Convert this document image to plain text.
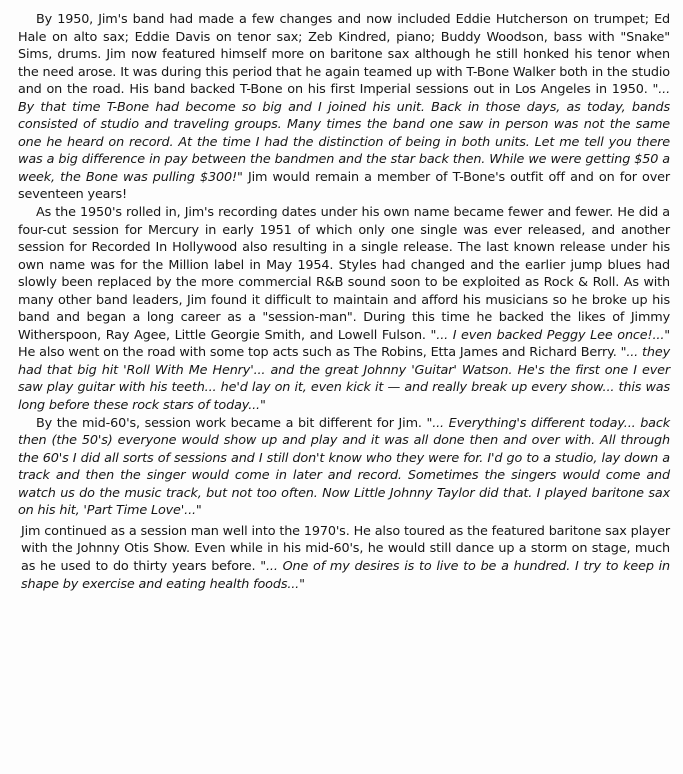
By 1950, Jim's band had made a few changes and now included Eddie Hutcherson on trumpet; Ed Hale on alto sax; Eddie Davis on tenor sax; Zeb Kindred, piano; Buddy Woodson, bass with "Snake" Sims, drums. Jim now featured himself more on baritone sax although he still honked his tenor when the need arose. It was during this period that he again teamed up with T-Bone Walker both in the studio and on the road. His band backed T-Bone on his first Imperial sessions out in Los Angeles in 1950. "... By that time T-Bone had become so big and I joined his unit. Back in those days, as today, bands consisted of studio and traveling groups. Many times the band one saw in person was not the same one he heard on record. At the time I had the distinction of being in both units. Let me tell you there was a big difference in pay between the bandmen and the star back then. While we were getting $50 a week, the Bone was pulling $300!" Jim would remain a member of T-Bone's outfit off and on for over seventeen years!

As the 1950's rolled in, Jim's recording dates under his own name became fewer and fewer. He did a four-cut session for Mercury in early 1951 of which only one single was ever released, and another session for Recorded In Hollywood also resulting in a single release. The last known release under his own name was for the Million label in May 1954. Styles had changed and the earlier jump blues had slowly been replaced by the more commercial R&B sound soon to be exploited as Rock & Roll. As with many other band leaders, Jim found it difficult to maintain and afford his musicians so he broke up his band and began a long career as a "session-man". During this time he backed the likes of Jimmy Witherspoon, Ray Agee, Little Georgie Smith, and Lowell Fulson. "... I even backed Peggy Lee once!..." He also went on the road with some top acts such as The Robins, Etta James and Richard Berry. "... they had that big hit 'Roll With Me Henry'... and the great Johnny 'Guitar' Watson. He's the first one I ever saw play guitar with his teeth... he'd lay on it, even kick it — and really break up every show... this was long before these rock stars of today..."

By the mid-60's, session work became a bit different for Jim. "... Everything's different today... back then (the 50's) everyone would show up and play and it was all done then and over with. All through the 60's I did all sorts of sessions and I still don't know who they were for. I'd go to a studio, lay down a track and then the singer would come in later and record. Sometimes the singers would come and watch us do the music track, but not too often. Now Little Johnny Taylor did that. I played baritone sax on his hit, 'Part Time Love'..."

Jim continued as a session man well into the 1970's. He also toured as the featured baritone sax player with the Johnny Otis Show. Even while in his mid-60's, he would still dance up a storm on stage, much as he used to do thirty years before. "... One of my desires is to live to be a hundred. I try to keep in shape by exercise and eating health foods..."
